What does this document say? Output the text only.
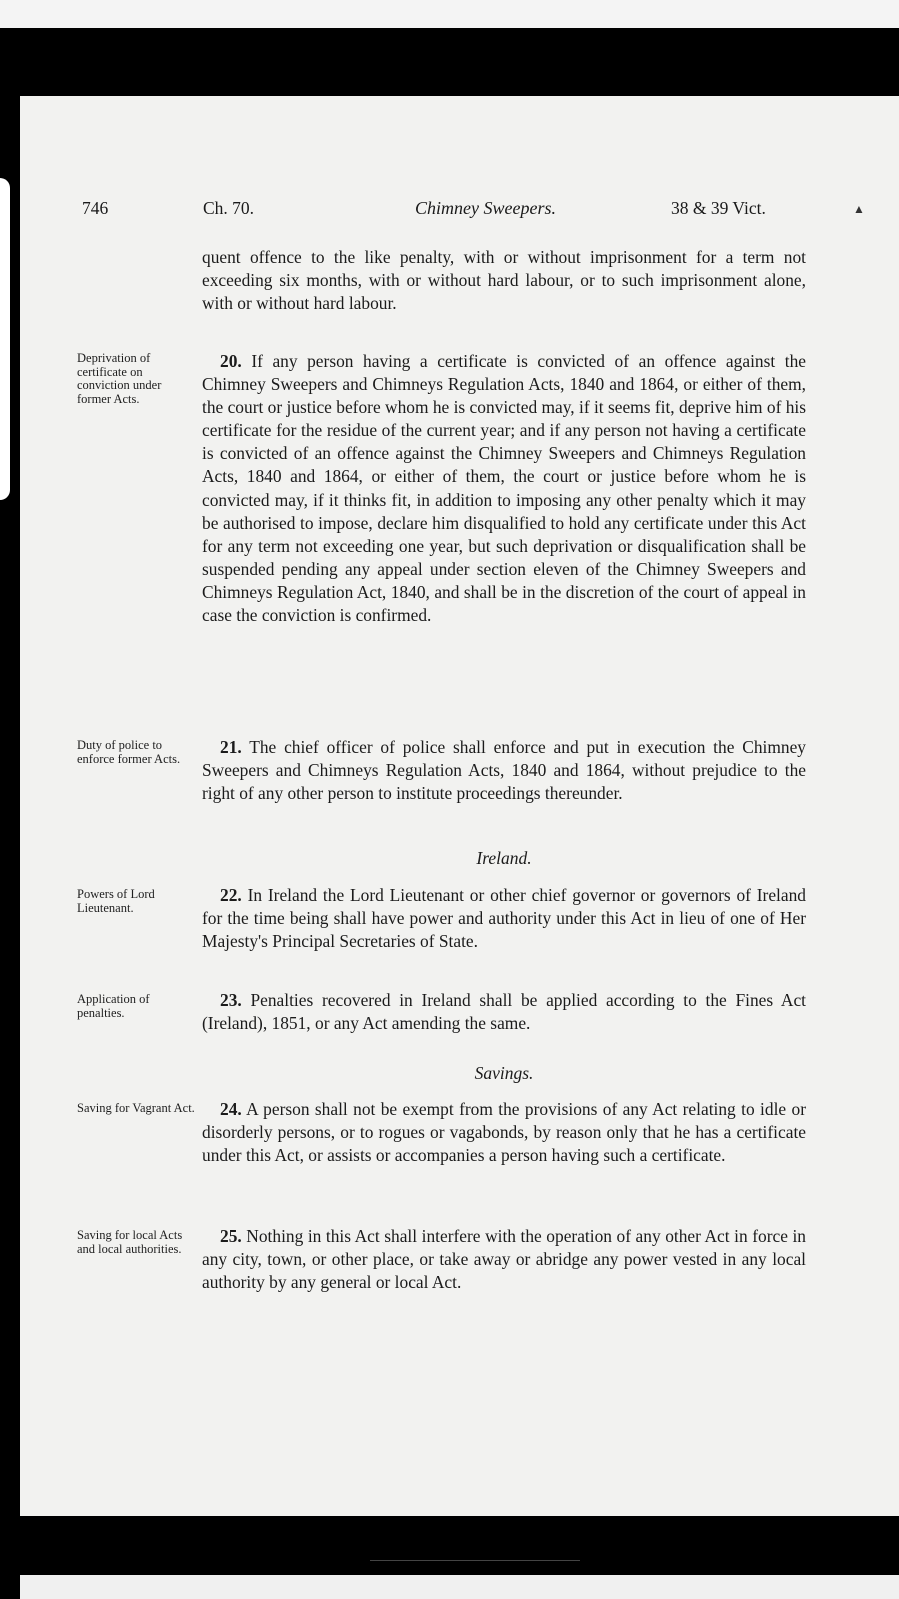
746	Ch. 70.	Chimney Sweepers.	38 & 39 Vict.	▲
quent offence to the like penalty, with or without imprisonment for a term not exceeding six months, with or without hard labour, or to such imprisonment alone, with or without hard labour.
Deprivation of certificate on conviction under former Acts.
20. If any person having a certificate is convicted of an offence against the Chimney Sweepers and Chimneys Regulation Acts, 1840 and 1864, or either of them, the court or justice before whom he is convicted may, if it seems fit, deprive him of his certificate for the residue of the current year; and if any person not having a certificate is convicted of an offence against the Chimney Sweepers and Chimneys Regulation Acts, 1840 and 1864, or either of them, the court or justice before whom he is convicted may, if it thinks fit, in addition to imposing any other penalty which it may be authorised to impose, declare him disqualified to hold any certificate under this Act for any term not exceeding one year, but such deprivation or disqualification shall be suspended pending any appeal under section eleven of the Chimney Sweepers and Chimneys Regulation Act, 1840, and shall be in the discretion of the court of appeal in case the conviction is confirmed.
Duty of police to enforce former Acts.
21. The chief officer of police shall enforce and put in execution the Chimney Sweepers and Chimneys Regulation Acts, 1840 and 1864, without prejudice to the right of any other person to institute proceedings thereunder.
Ireland.
Powers of Lord Lieutenant.
22. In Ireland the Lord Lieutenant or other chief governor or governors of Ireland for the time being shall have power and authority under this Act in lieu of one of Her Majesty's Principal Secretaries of State.
Application of penalties.
23. Penalties recovered in Ireland shall be applied according to the Fines Act (Ireland), 1851, or any Act amending the same.
Savings.
Saving for Vagrant Act.	24. A person shall not be exempt from the provisions of any Act relating to idle or disorderly persons, or to rogues or vagabonds, by reason only that he has a certificate under this Act, or assists or accompanies a person having such a certificate.
Saving for local Acts and local authorities.
25. Nothing in this Act shall interfere with the operation of any other Act in force in any city, town, or other place, or take away or abridge any power vested in any local authority by any general or local Act.
